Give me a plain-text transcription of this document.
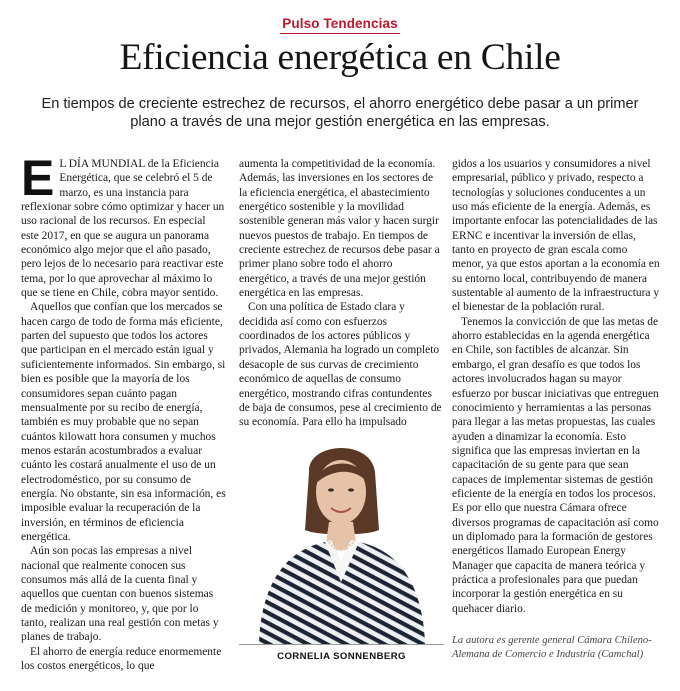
Pulso Tendencias
Eficiencia energética en Chile

En tiempos de creciente estrechez de recursos, el ahorro energético debe pasar a un primer plano a través de una mejor gestión energética en las empresas.

E L DÍA MUNDIAL de la Eficiencia Energética, que se celebró el 5 de marzo, es una instancia para reflexionar sobre cómo optimizar y hacer un uso racional de los recursos. En especial este 2017, en que se augura un panorama económico algo mejor que el año pasado, pero lejos de lo necesario para reactivar este tema, por lo que aprovechar al máximo lo que se tiene en Chile, cobra mayor sentido.

Aquellos que confían que los mercados se hacen cargo de todo de forma más eficiente, parten del supuesto que todos los actores que participan en el mercado están igual y suficientemente informados. Sin embargo, si bien es posible que la mayoría de los consumidores sepan cuánto pagan mensualmente por su recibo de energía, también es muy probable que no sepan cuántos kilowatt hora consumen y muchos menos estarán acostumbrados a evaluar cuánto les costará anualmente el uso de un electrodoméstico, por su consumo de energía. No obstante, sin esa información, es imposible evaluar la recuperación de la inversión, en términos de eficiencia energética.

Aún son pocas las empresas a nivel nacional que realmente conocen sus consumos más allá de la cuenta final y aquellos que cuentan con buenos sistemas de medición y monitoreo, y, que por lo tanto, realizan una real gestión con metas y planes de trabajo.

El ahorro de energía reduce enormemente los costos energéticos, lo que

aumenta la competitividad de la economía. Además, las inversiones en los sectores de la eficiencia energética, el abastecimiento energético sostenible y la movilidad sostenible generan más valor y hacen surgir nuevos puestos de trabajo. En tiempos de creciente estrechez de recursos debe pasar a primer plano sobre todo el ahorro energético, a través de una mejor gestión energética en las empresas.

Con una política de Estado clara y decidida así como con esfuerzos coordinados de los actores públicos y privados, Alemania ha logrado un completo desacople de sus curvas de crecimiento económico de aquellas de consumo energético, mostrando cifras contundentes de baja de consumos, pese al crecimiento de su economía. Para ello ha impulsado

gidos a los usuarios y consumidores a nivel empresarial, público y privado, respecto a tecnologías y soluciones conducentes a un uso más eficiente de la energía. Además, es importante enfocar las potencialidades de las ERNC e incentivar la inversión de ellas, tanto en proyecto de gran escala como menor, ya que estos aportan a la economía en su entorno local, contribuyendo de manera sustentable al aumento de la infraestructura y el bienestar de la población rural.

Tenemos la convicción de que las metas de ahorro establecidas en la agenda energética en Chile, son factibles de alcanzar. Sin embargo, el gran desafío es que todos los actores involucrados hagan su mayor esfuerzo por buscar iniciativas que entreguen conocimiento y herramientas a las personas para llegar a las metas propuestas, las cuales ayuden a dinamizar la economía. Esto significa que las empresas inviertan en la capacitación de su gente para que sean capaces de implementar sistemas de gestión eficiente de la energía en todos los procesos. Es por ello que nuestra Cámara ofrece diversos programas de capacitación así como un diplomado para la formación de gestores energéticos llamado European Energy Manager que capacita de manera teórica y práctica a profesionales para que puedan incorporar la gestión energética en su quehacer diario.

CORNELIA SONNENBERG
La autora es gerente general Cámara Chileno-Alemana de Comercio e Industria (Camchal)
